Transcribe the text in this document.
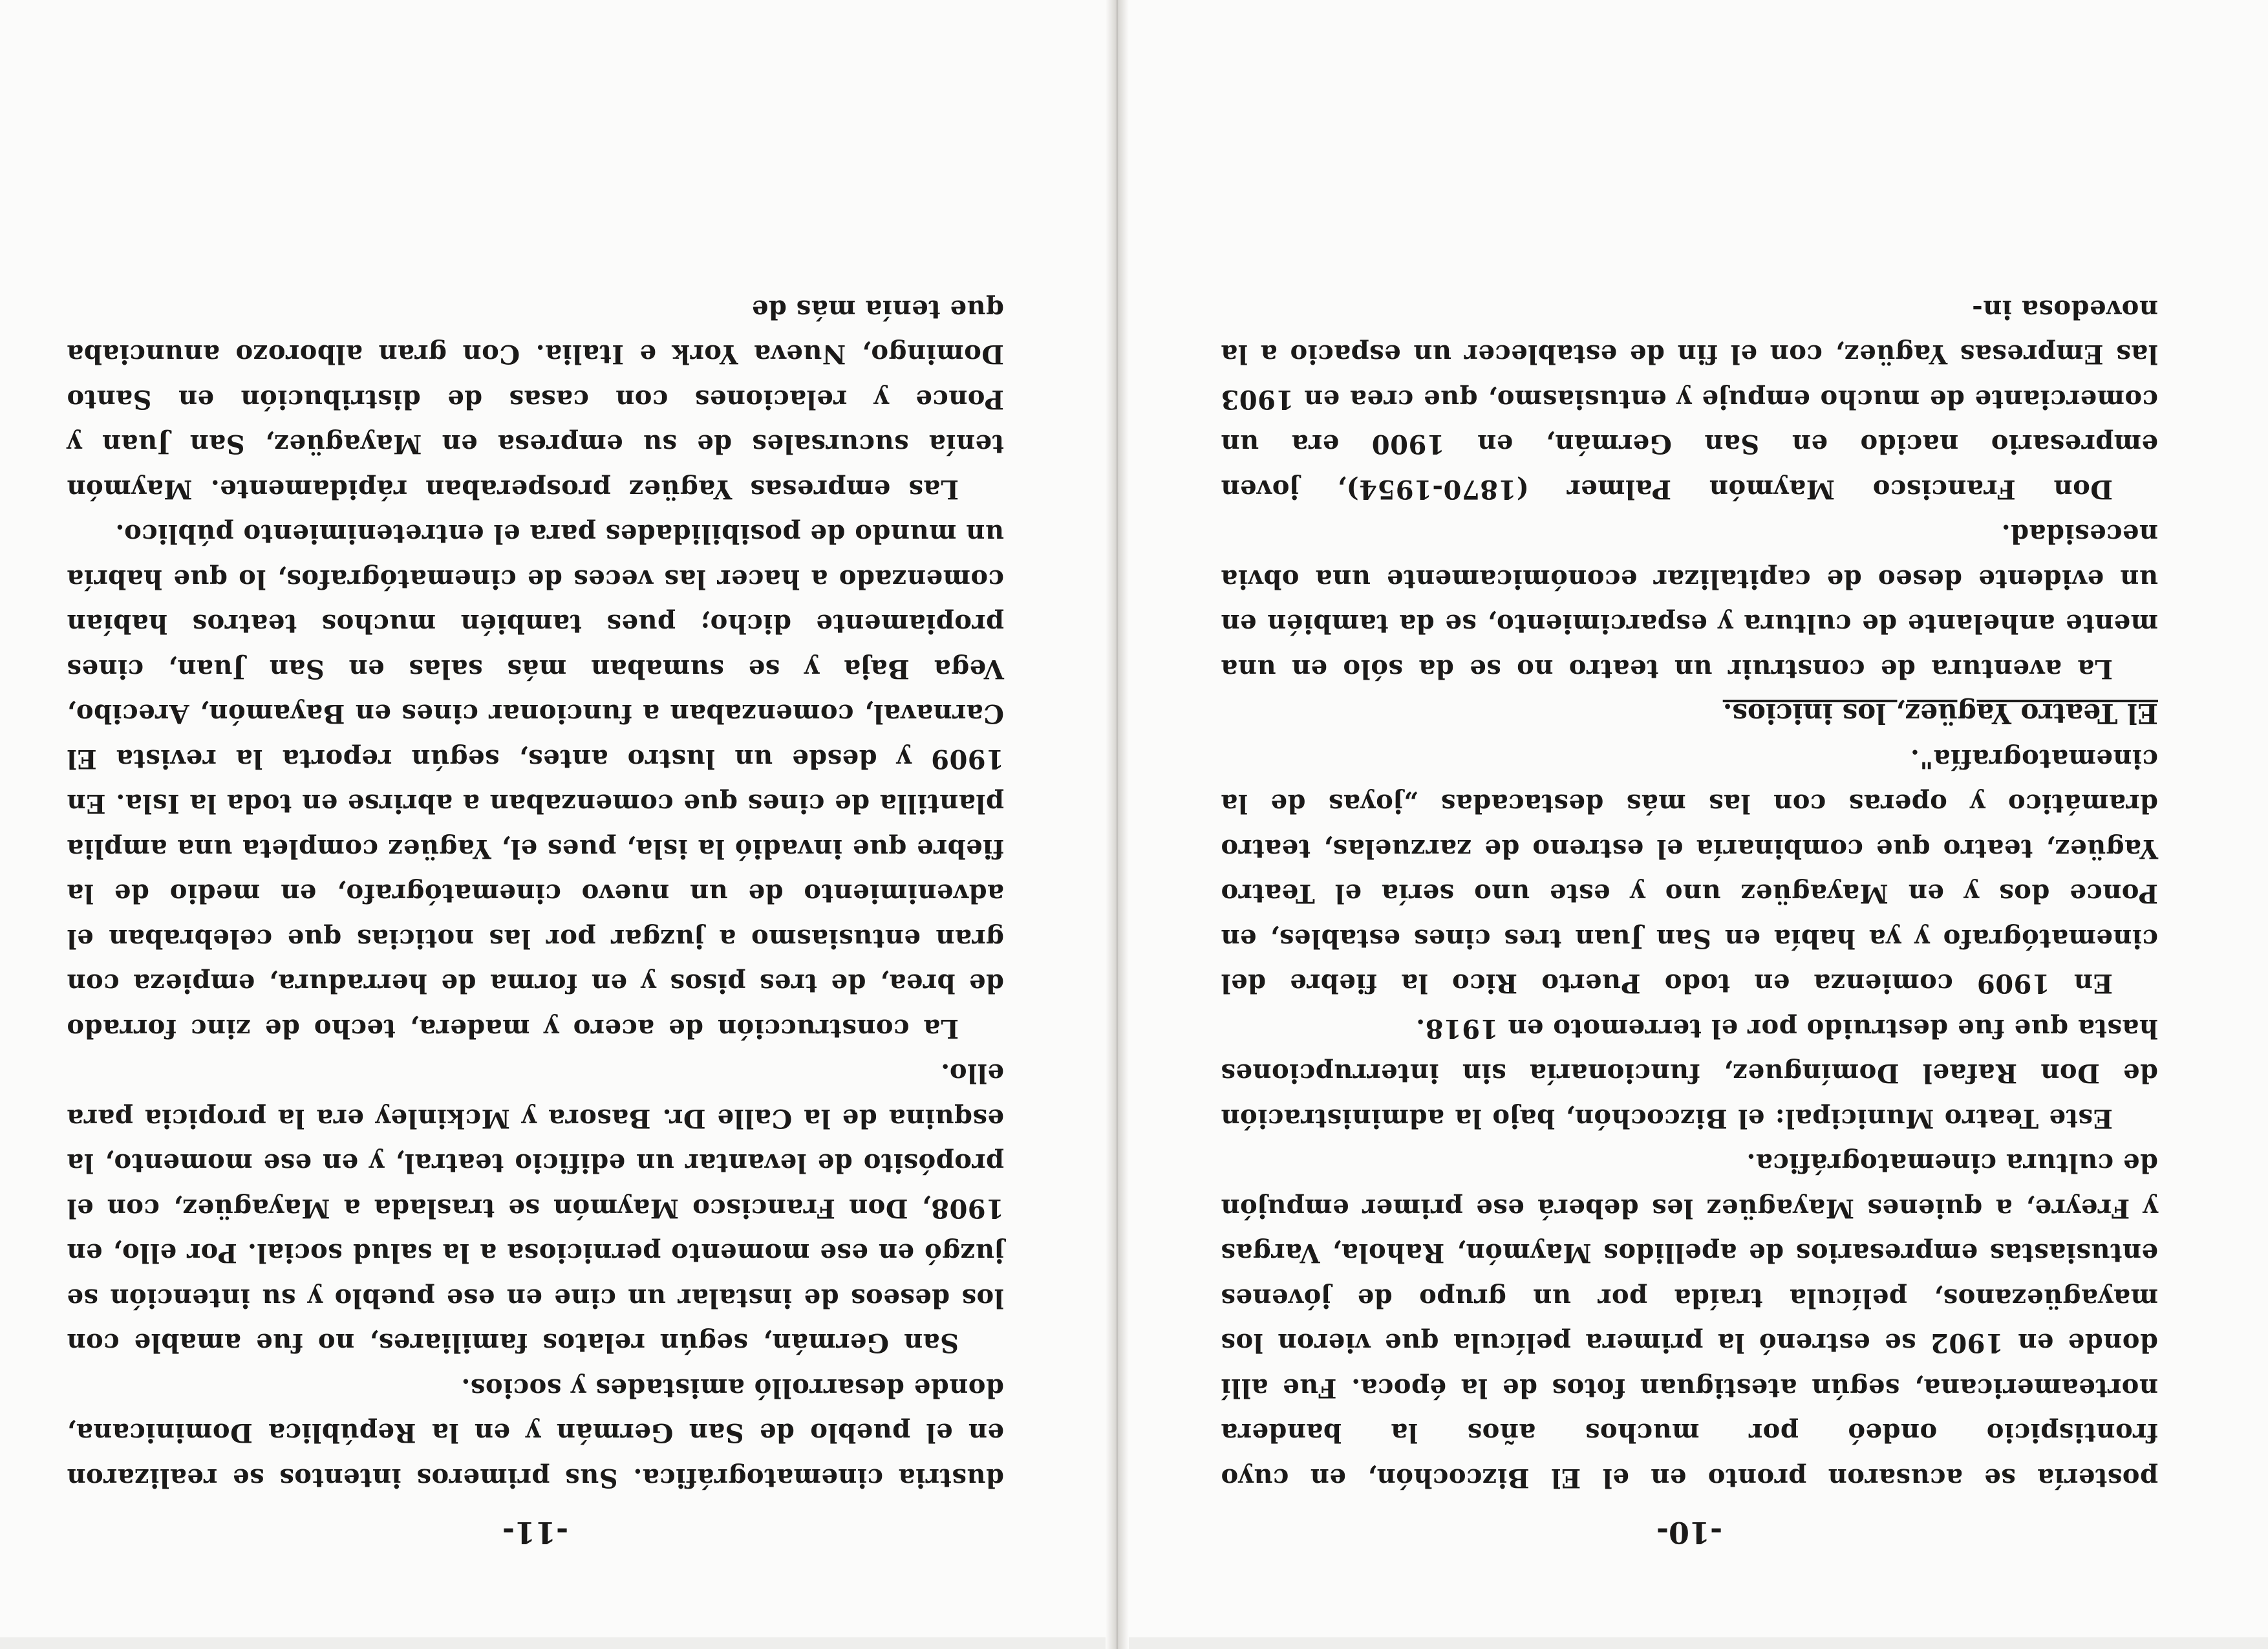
-10-

postería se acusaron pronto en el El Bizcochón, en cuyo frontispicio ondeó por muchos años la bandera norteamericana, según atestiguan fotos de la época. Fue allí donde en 1902 se estrenó la primera película que vieron los mayagüezanos, película traída por un grupo de jóvenes entusiastas empresarios de apellidos Maymón, Rahola, Vargas y Freyre, a quienes Mayagüez les deberá ese primer empujón de cultura cinematográfica.

Este Teatro Municipal: el Bizcochón, bajo la administración de Don Rafael Domínguez, funcionaría sin interrupciones hasta que fue destruido por el terremoto en 1918.

En 1909 comienza en todo Puerto Rico la fiebre del cinematógrafo y ya había en San Juan tres cines estables, en Ponce dos y en Mayagüez uno y este uno sería el Teatro Yagüez, teatro que combinaría el estreno de zarzuelas, teatro dramático y operas con las más destacadas „joyas de la cinematografía".

El Teatro Yagüez, los inicios.

La aventura de construir un teatro no se da sólo en una mente anhelante de cultura y esparcimiento, se da también en un evidente deseo de capitalizar económicamente una obvia necesidad.

Don Francisco Maymón Palmer (1870-1954), joven empresario nacido en San Germán, en 1900 era un comerciante de mucho empuje y entusiasmo, que crea en 1903 las Empresas Yagüez, con el fin de establecer un espacio a la novedosa in-

-11-

dustria cinematográfica. Sus primeros intentos se realizaron en el pueblo de San Germán y en la República Dominicana, donde desarrolló amistades y socios.

San Germán, según relatos familiares, no fue amable con los deseos de instalar un cine en ese pueblo y su intención se juzgó en ese momento perniciosa a la salud social. Por ello, en 1908, Don Francisco Maymón se traslada a Mayagüez, con el propósito de levantar un edificio teatral, y en ese momento, la esquina de la Calle Dr. Basora y Mckinley era la propicia para ello.

La construcción de acero y madera, techo de zinc forrado de brea, de tres pisos y en forma de herradura, empieza con gran entusiasmo a juzgar por las noticias que celebraban el advenimiento de un nuevo cinematógrafo, en medio de la fiebre que invadió la isla, pues el, Yagüez completa una amplia plantilla de cines que comenzaban a abrirse en toda la Isla. En 1909 y desde un lustro antes, según reporta la revista El Carnaval, comenzaban a funcionar cines en Bayamón, Arecibo, Vega Baja y se sumaban más salas en San Juan, cines propiamente dicho; pues también muchos teatros habían comenzado a hacer las veces de cinematógrafos, lo que habría un mundo de posibilidades para el entretenimiento público.

Las empresas Yagüez prosperaban rápidamente. Maymón tenía sucursales de su empresa en Mayagüez, San Juan y Ponce y relaciones con casas de distribución en Santo Domingo, Nueva York e Italia. Con gran alborozo anunciaba que tenía más de
